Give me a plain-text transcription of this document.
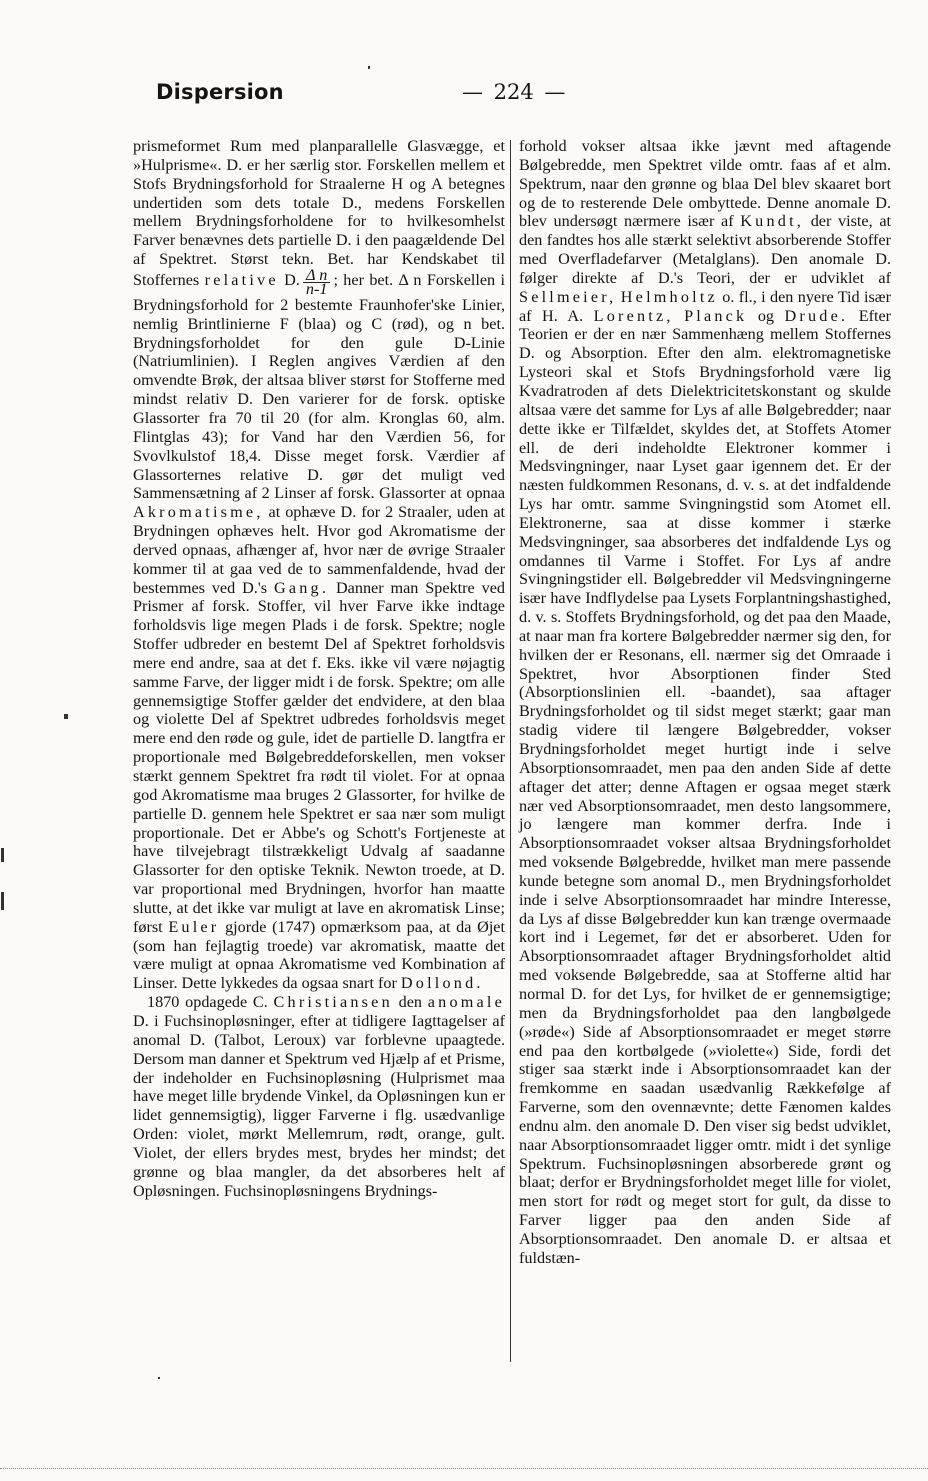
Dispersion	— 224 —

prismeformet Rum med planparallelle Glasvægge, et »Hulprisme«. D. er her særlig stor. Forskellen mellem et Stofs Brydningsforhold for Straalerne H og A betegnes undertiden som dets totale D., medens Forskellen mellem Brydningsforholdene for to hvilkesomhelst Farver benævnes dets partielle D. i den paagældende Del af Spektret. Størst tekn. Bet. har Kendskabet til Stoffernes relative D. $\frac{\text{Δ n}}{n-1}$ ; her bet. Δ n Forskellen i Brydningsforhold for 2 bestemte Fraunhofer'ske Linier, nemlig Brintlinierne F (blaa) og C (rød), og n bet. Brydningsforholdet for den gule D-Linie (Natriumlinien). I Reglen angives Værdien af den omvendte Brøk, der altsaa bliver størst for Stofferne med mindst relativ D. Den varierer for de forsk. optiske Glassorter fra 70 til 20 (for alm. Kronglas 60, alm. Flintglas 43); for Vand har den Værdien 56, for Svovlkulstof 18,4. Disse meget forsk. Værdier af Glassorternes relative D. gør det muligt ved Sammensætning af 2 Linser af forsk. Glassorter at opnaa Akromatisme, at ophæve D. for 2 Straaler, uden at Brydningen ophæves helt. Hvor god Akromatisme der derved opnaas, afhænger af, hvor nær de øvrige Straaler kommer til at gaa ved de to sammenfaldende, hvad der bestemmes ved D.'s Gang. Danner man Spektre ved Prismer af forsk. Stoffer, vil hver Farve ikke indtage forholdsvis lige megen Plads i de forsk. Spektre; nogle Stoffer udbreder en bestemt Del af Spektret forholdsvis mere end andre, saa at det f. Eks. ikke vil være nøjagtig samme Farve, der ligger midt i de forsk. Spektre; om alle gennemsigtige Stoffer gælder det endvidere, at den blaa og violette Del af Spektret udbredes forholdsvis meget mere end den røde og gule, idet de partielle D. langtfra er proportionale med Bølgebreddeforskellen, men vokser stærkt gennem Spektret fra rødt til violet. For at opnaa god Akromatisme maa bruges 2 Glassorter, for hvilke de partielle D. gennem hele Spektret er saa nær som muligt proportionale. Det er Abbe's og Schott's Fortjeneste at have tilvejebragt tilstrækkeligt Udvalg af saadanne Glassorter for den optiske Teknik. Newton troede, at D. var proportional med Brydningen, hvorfor han maatte slutte, at det ikke var muligt at lave en akromatisk Linse; først Euler gjorde (1747) opmærksom paa, at da Øjet (som han fejlagtig troede) var akromatisk, maatte det være muligt at opnaa Akromatisme ved Kombination af Linser. Dette lykkedes da ogsaa snart for Dollond.

1870 opdagede C. Christiansen den anomale D. i Fuchsinopløsninger, efter at tidligere Iagttagelser af anomal D. (Talbot, Leroux) var forblevne upaagtede. Dersom man danner et Spektrum ved Hjælp af et Prisme, der indeholder en Fuchsinopløsning (Hulprismet maa have meget lille brydende Vinkel, da Opløsningen kun er lidet gennemsigtig), ligger Farverne i flg. usædvanlige Orden: violet, mørkt Mellemrum, rødt, orange, gult. Violet, der ellers brydes mest, brydes her mindst; det grønne og blaa mangler, da det absorberes helt af Opløsningen. Fuchsinopløsningens Brydnings-

forhold vokser altsaa ikke jævnt med aftagende Bølgebredde, men Spektret vilde omtr. faas af et alm. Spektrum, naar den grønne og blaa Del blev skaaret bort og de to resterende Dele ombyttede. Denne anomale D. blev undersøgt nærmere især af Kundt, der viste, at den fandtes hos alle stærkt selektivt absorberende Stoffer med Overfladefarver (Metalglans). Den anomale D. følger direkte af D.'s Teori, der er udviklet af Sellmeier, Helmholtz o. fl., i den nyere Tid især af H. A. Lorentz, Planck og Drude. Efter Teorien er der en nær Sammenhæng mellem Stoffernes D. og Absorption. Efter den alm. elektromagnetiske Lysteori skal et Stofs Brydningsforhold være lig Kvadratroden af dets Dielektricitetskonstant og skulde altsaa være det samme for Lys af alle Bølgebredder; naar dette ikke er Tilfældet, skyldes det, at Stoffets Atomer ell. de deri indeholdte Elektroner kommer i Medsvingninger, naar Lyset gaar igennem det. Er der næsten fuldkommen Resonans, d. v. s. at det indfaldende Lys har omtr. samme Svingningstid som Atomet ell. Elektronerne, saa at disse kommer i stærke Medsvingninger, saa absorberes det indfaldende Lys og omdannes til Varme i Stoffet. For Lys af andre Svingningstider ell. Bølgebredder vil Medsvingningerne især have Indflydelse paa Lysets Forplantningshastighed, d. v. s. Stoffets Brydningsforhold, og det paa den Maade, at naar man fra kortere Bølgebredder nærmer sig den, for hvilken der er Resonans, ell. nærmer sig det Omraade i Spektret, hvor Absorptionen finder Sted (Absorptionslinien ell. -baandet), saa aftager Brydningsforholdet og til sidst meget stærkt; gaar man stadig videre til længere Bølgebredder, vokser Brydningsforholdet meget hurtigt inde i selve Absorptionsomraadet, men paa den anden Side af dette aftager det atter; denne Aftagen er ogsaa meget stærk nær ved Absorptionsomraadet, men desto langsommere, jo længere man kommer derfra. Inde i Absorptionsomraadet vokser altsaa Brydningsforholdet med voksende Bølgebredde, hvilket man mere passende kunde betegne som anomal D., men Brydningsforholdet inde i selve Absorptionsomraadet har mindre Interesse, da Lys af disse Bølgebredder kun kan trænge overmaade kort ind i Legemet, før det er absorberet. Uden for Absorptionsomraadet aftager Brydningsforholdet altid med voksende Bølgebredde, saa at Stofferne altid har normal D. for det Lys, for hvilket de er gennemsigtige; men da Brydningsforholdet paa den langbølgede (»røde«) Side af Absorptionsomraadet er meget større end paa den kortbølgede (»violette«) Side, fordi det stiger saa stærkt inde i Absorptionsomraadet kan der fremkomme en saadan usædvanlig Rækkefølge af Farverne, som den ovennævnte; dette Fænomen kaldes endnu alm. den anomale D. Den viser sig bedst udviklet, naar Absorptionsomraadet ligger omtr. midt i det synlige Spektrum. Fuchsinopløsningen absorberede grønt og blaat; derfor er Brydningsforholdet meget lille for violet, men stort for rødt og meget stort for gult, da disse to Farver ligger paa den anden Side af Absorptionsomraadet. Den anomale D. er altsaa et fuldstæn-
